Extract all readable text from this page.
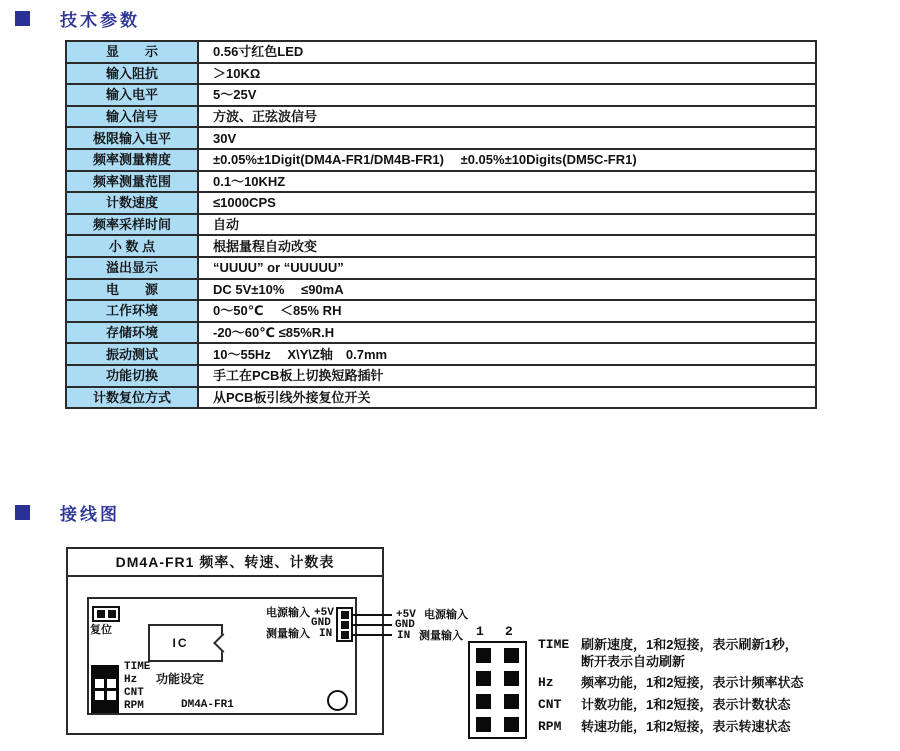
技术参数
显　　示	0.56寸红色LED
输入阻抗	＞10KΩ
输入电平	5～25V
输入信号	方波、正弦波信号
极限输入电平	30V
频率测量精度	±0.05%±1Digit(DM4A-FR1/DM4B-FR1)　 ±0.05%±10Digits(DM5C-FR1)
频率测量范围	0.1～10KHZ
计数速度	≤1000CPS
频率采样时间	自动
小 数 点	根据量程自动改变
溢出显示	“UUUU” or “UUUUU”
电　　源	DC 5V±10%　 ≤90mA
工作环境	0～50℃　 ＜85% RH
存储环境	-20～60℃ ≤85%R.H
振动测试	10～55Hz　 X\Y\Z轴　0.7mm
功能切换	手工在PCB板上切换短路插针
计数复位方式	从PCB板引线外接复位开关
接线图
DM4A-FR1 频率、转速、计数表
复位
IC
TIME
Hz
CNT
RPM
功能设定
DM4A-FR1
电源输入 +5V
GND
测量输入 IN
+5V 电源输入
GND
IN 测量输入 1 2
TIME 刷新速度，1和2短接，表示刷新1秒，
断开表示自动刷新
Hz 频率功能，1和2短接，表示计频率状态
CNT 计数功能，1和2短接，表示计数状态
RPM 转速功能，1和2短接，表示转速状态
